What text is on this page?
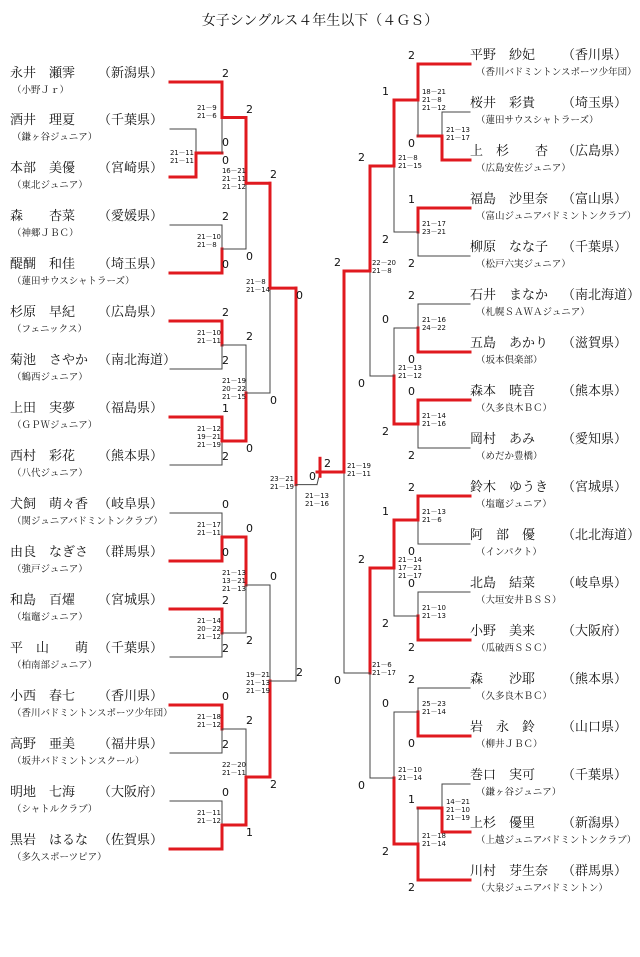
女子シングルス４年生以下（４ＧＳ）
永井　瀬霁 （新潟県）
（小野Ｊｒ）
酒井　理夏 （千葉県）
（鎌ヶ谷ジュニア）
本部　美優 （宮崎県）
（東北ジュニア）
森　　杏菜 （愛媛県）
（神郷ＪＢＣ）
醍醐　和佳 （埼玉県）
（蓮田サウスシャトラーズ）
杉原　早紀 （広島県）
（フェニックス）
菊池　さやか （南北海道）
（鶴西ジュニア）
上田　実夢 （福島県）
（ＧＰＷジュニア）
西村　彩花 （熊本県）
（八代ジュニア）
犬飼　萌々香 （岐阜県）
（関ジュニアバドミントンクラブ）
由良　なぎさ （群馬県）
（強戸ジュニア）
和島　百燿 （宮城県）
（塩竈ジュニア）
平　山　　萌 （千葉県）
（柏南部ジュニア）
小西　春七 （香川県）
（香川バドミントンスポーツ少年団）
高野　亜美 （福井県）
（坂井バドミントンスクール）
明地　七海 （大阪府）
（シャトルクラブ）
黒岩　はるな （佐賀県）
（多久スポーツピア）
21－11
21－11
21－9
21－6
21－10
21－8
21－10
21－11
21－12
19－21
21－19
21－17
21－11
21－14
20－22
21－12
21－18
21－12
21－11
21－12
16－21
21－11
21－12
21－19
20－22
21－15
21－13
13－21
21－13
22－20
21－11
21－8
21－14
19－21
21－13
21－19
23－21
21－19
2
0
0
2
0
2
2
1
2
0
0
2
2
0
2
0
2
0
2
0
0
2
2
1
2
0
0
2
0
2
0
平野　紗妃 （香川県）
（香川バドミントンスポーツ少年団）
桜井　彩貴 （埼玉県）
（蓮田サウスシャトラーズ）
上　杉　　杏 （広島県）
（広島安佐ジュニア）
福島　沙里奈 （富山県）
（富山ジュニアバドミントンクラブ）
柳原　なな子 （千葉県）
（松戸六実ジュニア）
石井　まなか （南北海道）
（札幌ＳＡＷＡジュニア）
五島　あかり （滋賀県）
（坂本倶楽部）
森本　暁音 （熊本県）
（久多良木ＢＣ）
岡村　あみ （愛知県）
（めだか豊橋）
鈴木　ゆうき （宮城県）
（塩竈ジュニア）
阿　部　優 （北北海道）
（インパクト）
北島　結菜 （岐阜県）
（大垣安井ＢＳＳ）
小野　美来 （大阪府）
（瓜破西ＳＳＣ）
森　　沙耶 （熊本県）
（久多良木ＢＣ）
岩　永　鈴 （山口県）
（柳井ＪＢＣ）
巻口　実可 （千葉県）
（鎌ヶ谷ジュニア）
上杉　優里 （新潟県）
（上越ジュニアバドミントンクラブ）
川村　芽生奈 （群馬県）
（大泉ジュニアバドミントン）
21－13
21－17
14－21
21－10
21－19
18－21
21－8
21－12
21－17
23－21
21－16
24－22
21－14
21－16
21－13
21－6
21－10
21－13
25－23
21－14
21－18
21－14
21－8
21－15
21－13
21－12
21－14
17－21
21－17
21－10
21－14
22－20
21－8
21－6
21－17
21－19
21－11
21－13
21－16
2
0
1
2
2
0
0
2
2
0
0
2
2
0
1
2
1
2
0
2
1
2
0
2
2
0
2
0
2
0
2
